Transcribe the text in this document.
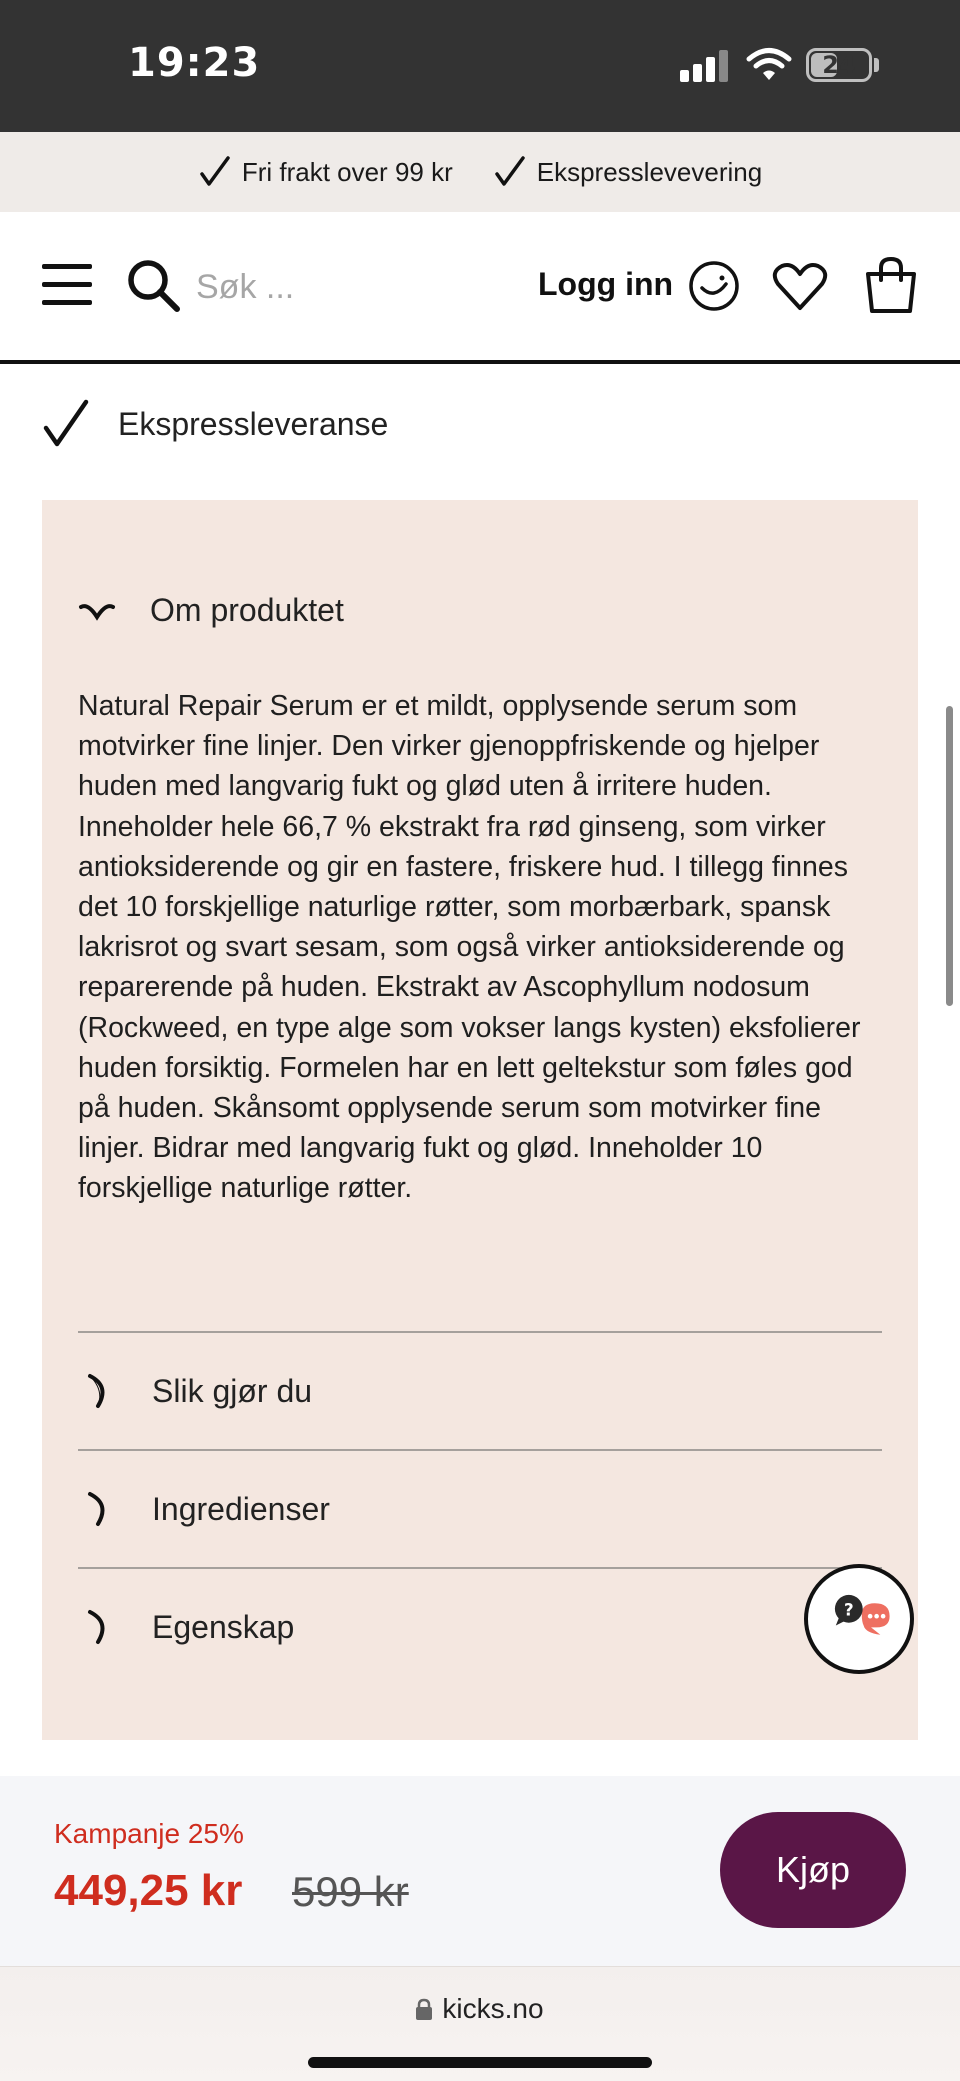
19:23	24
Fri frakt over 99 kr	Ekspresslevevering
Søk ...
Logg inn
Ekspressleveranse
Om produktet

Natural Repair Serum er et mildt, opplysende serum som motvirker fine linjer. Den virker gjenoppfriskende og hjelper huden med langvarig fukt og glød uten å irritere huden. Inneholder hele 66,7 % ekstrakt fra rød ginseng, som virker antioksiderende og gir en fastere, friskere hud. I tillegg finnes det 10 forskjellige naturlige røtter, som morbærbark, spansk lakrisrot og svart sesam, som også virker antioksiderende og reparerende på huden. Ekstrakt av Ascophyllum nodosum (Rockweed, en type alge som vokser langs kysten) eksfolierer huden forsiktig. Formelen har en lett geltekstur som føles god på huden. Skånsomt opplysende serum som motvirker fine linjer. Bidrar med langvarig fukt og glød. Inneholder 10 forskjellige naturlige røtter.

Slik gjør du
Ingredienser
Egenskap	?
Kampanje 25%
449,25 kr 599 kr	Kjøp
kicks.no
